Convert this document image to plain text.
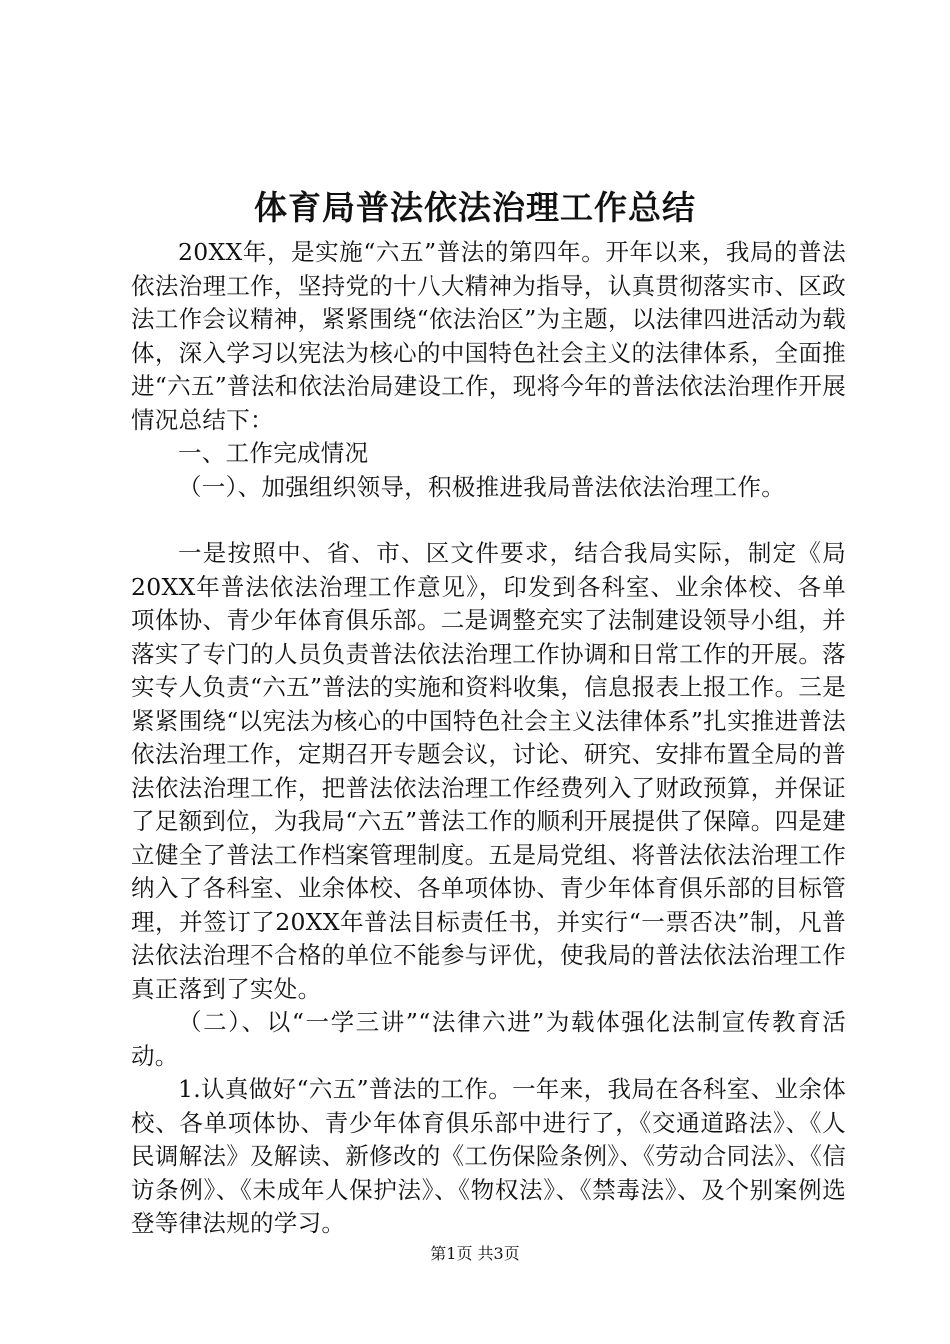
体育局普法依法治理工作总结

20XX年，是实施“六五”普法的第四年。开年以来，我局的普法依法治理工作，坚持党的十八大精神为指导，认真贯彻落实市、区政法工作会议精神，紧紧围绕“依法治区”为主题，以法律四进活动为载体，深入学习以宪法为核心的中国特色社会主义的法律体系，全面推进“六五”普法和依法治局建设工作，现将今年的普法依法治理作开展情况总结下：

一、工作完成情况

（一）、加强组织领导，积极推进我局普法依法治理工作。

一是按照中、省、市、区文件要求，结合我局实际，制定《局20XX年普法依法治理工作意见》，印发到各科室、业余体校、各单项体协、青少年体育俱乐部。二是调整充实了法制建设领导小组，并落实了专门的人员负责普法依法治理工作协调和日常工作的开展。落实专人负责“六五”普法的实施和资料收集，信息报表上报工作。三是紧紧围绕“以宪法为核心的中国特色社会主义法律体系”扎实推进普法依法治理工作，定期召开专题会议，讨论、研究、安排布置全局的普法依法治理工作，把普法依法治理工作经费列入了财政预算，并保证了足额到位，为我局“六五”普法工作的顺利开展提供了保障。四是建立健全了普法工作档案管理制度。五是局党组、将普法依法治理工作纳入了各科室、业余体校、各单项体协、青少年体育俱乐部的目标管理，并签订了20XX年普法目标责任书，并实行“一票否决”制，凡普法依法治理不合格的单位不能参与评优，使我局的普法依法治理工作真正落到了实处。

（二）、以“一学三讲”“法律六进”为载体强化法制宣传教育活动。

1.认真做好“六五”普法的工作。一年来，我局在各科室、业余体校、各单项体协、青少年体育俱乐部中进行了，《交通道路法》、《人民调解法》及解读、新修改的《工伤保险条例》、《劳动合同法》、《信访条例》、《未成年人保护法》、《物权法》、《禁毒法》、及个别案例选登等律法规的学习。

第1页 共3页
